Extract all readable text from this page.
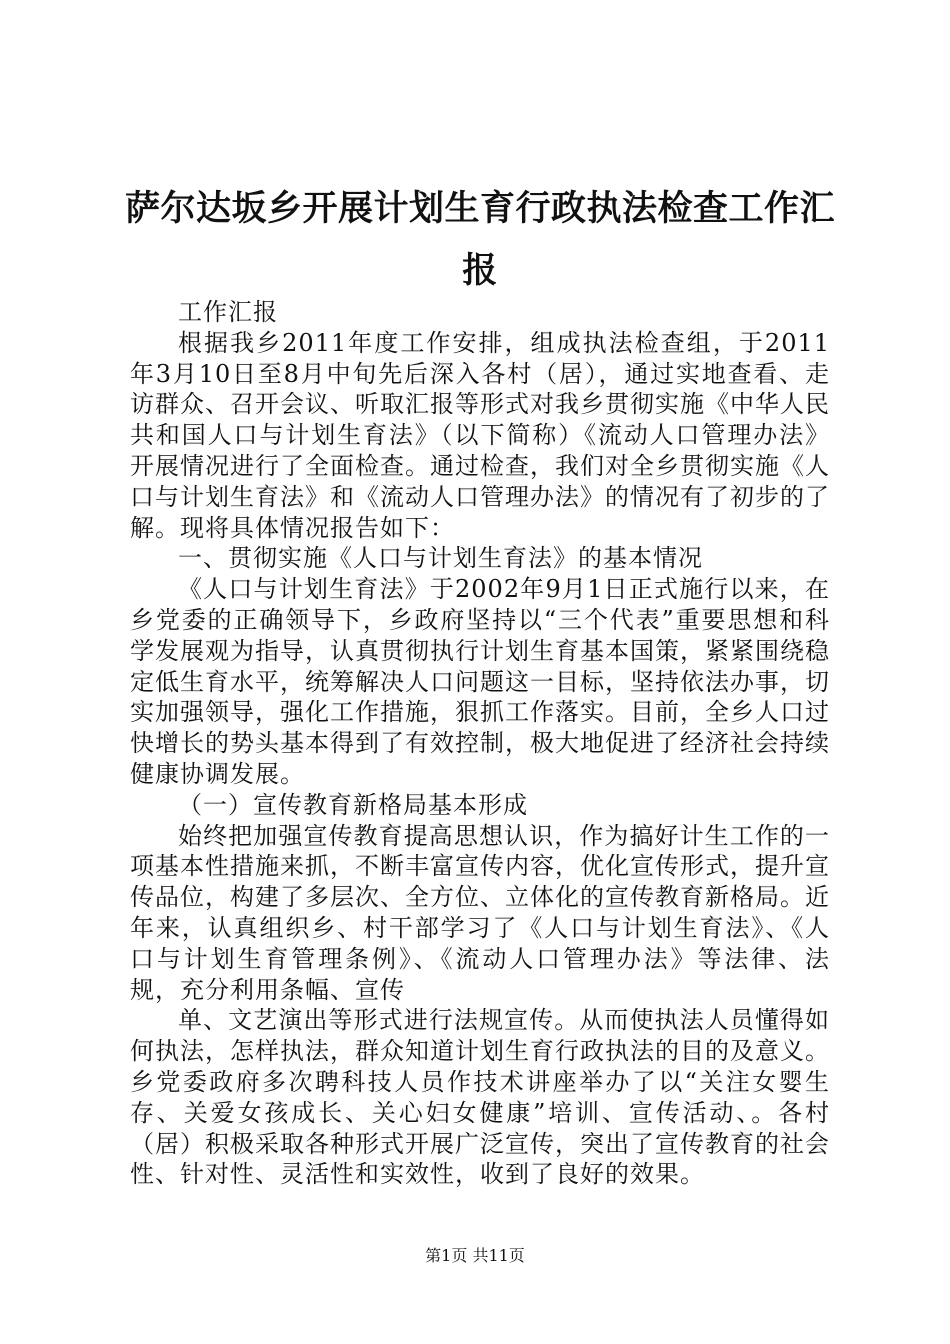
萨尔达坂乡开展计划生育行政执法检查工作汇报

工作汇报

根据我乡2011年度工作安排，组成执法检查组，于2011年3月10日至8月中旬先后深入各村（居），通过实地查看、走访群众、召开会议、听取汇报等形式对我乡贯彻实施《中华人民共和国人口与计划生育法》（以下简称）《流动人口管理办法》开展情况进行了全面检查。通过检查，我们对全乡贯彻实施《人口与计划生育法》和《流动人口管理办法》的情况有了初步的了解。现将具体情况报告如下：

一、贯彻实施《人口与计划生育法》的基本情况

《人口与计划生育法》于2002年9月1日正式施行以来，在乡党委的正确领导下，乡政府坚持以“三个代表”重要思想和科学发展观为指导，认真贯彻执行计划生育基本国策，紧紧围绕稳定低生育水平，统筹解决人口问题这一目标，坚持依法办事，切实加强领导，强化工作措施，狠抓工作落实。目前，全乡人口过快增长的势头基本得到了有效控制，极大地促进了经济社会持续健康协调发展。

（一）宣传教育新格局基本形成

始终把加强宣传教育提高思想认识，作为搞好计生工作的一项基本性措施来抓，不断丰富宣传内容，优化宣传形式，提升宣传品位，构建了多层次、全方位、立体化的宣传教育新格局。近年来，认真组织乡、村干部学习了《人口与计划生育法》、《人口与计划生育管理条例》、《流动人口管理办法》等法律、法规，充分利用条幅、宣传

单、文艺演出等形式进行法规宣传。从而使执法人员懂得如何执法，怎样执法，群众知道计划生育行政执法的目的及意义。乡党委政府多次聘科技人员作技术讲座举办了以“关注女婴生存、关爱女孩成长、关心妇女健康”培训、宣传活动、。各村（居）积极采取各种形式开展广泛宣传，突出了宣传教育的社会性、针对性、灵活性和实效性，收到了良好的效果。

第1页 共11页
